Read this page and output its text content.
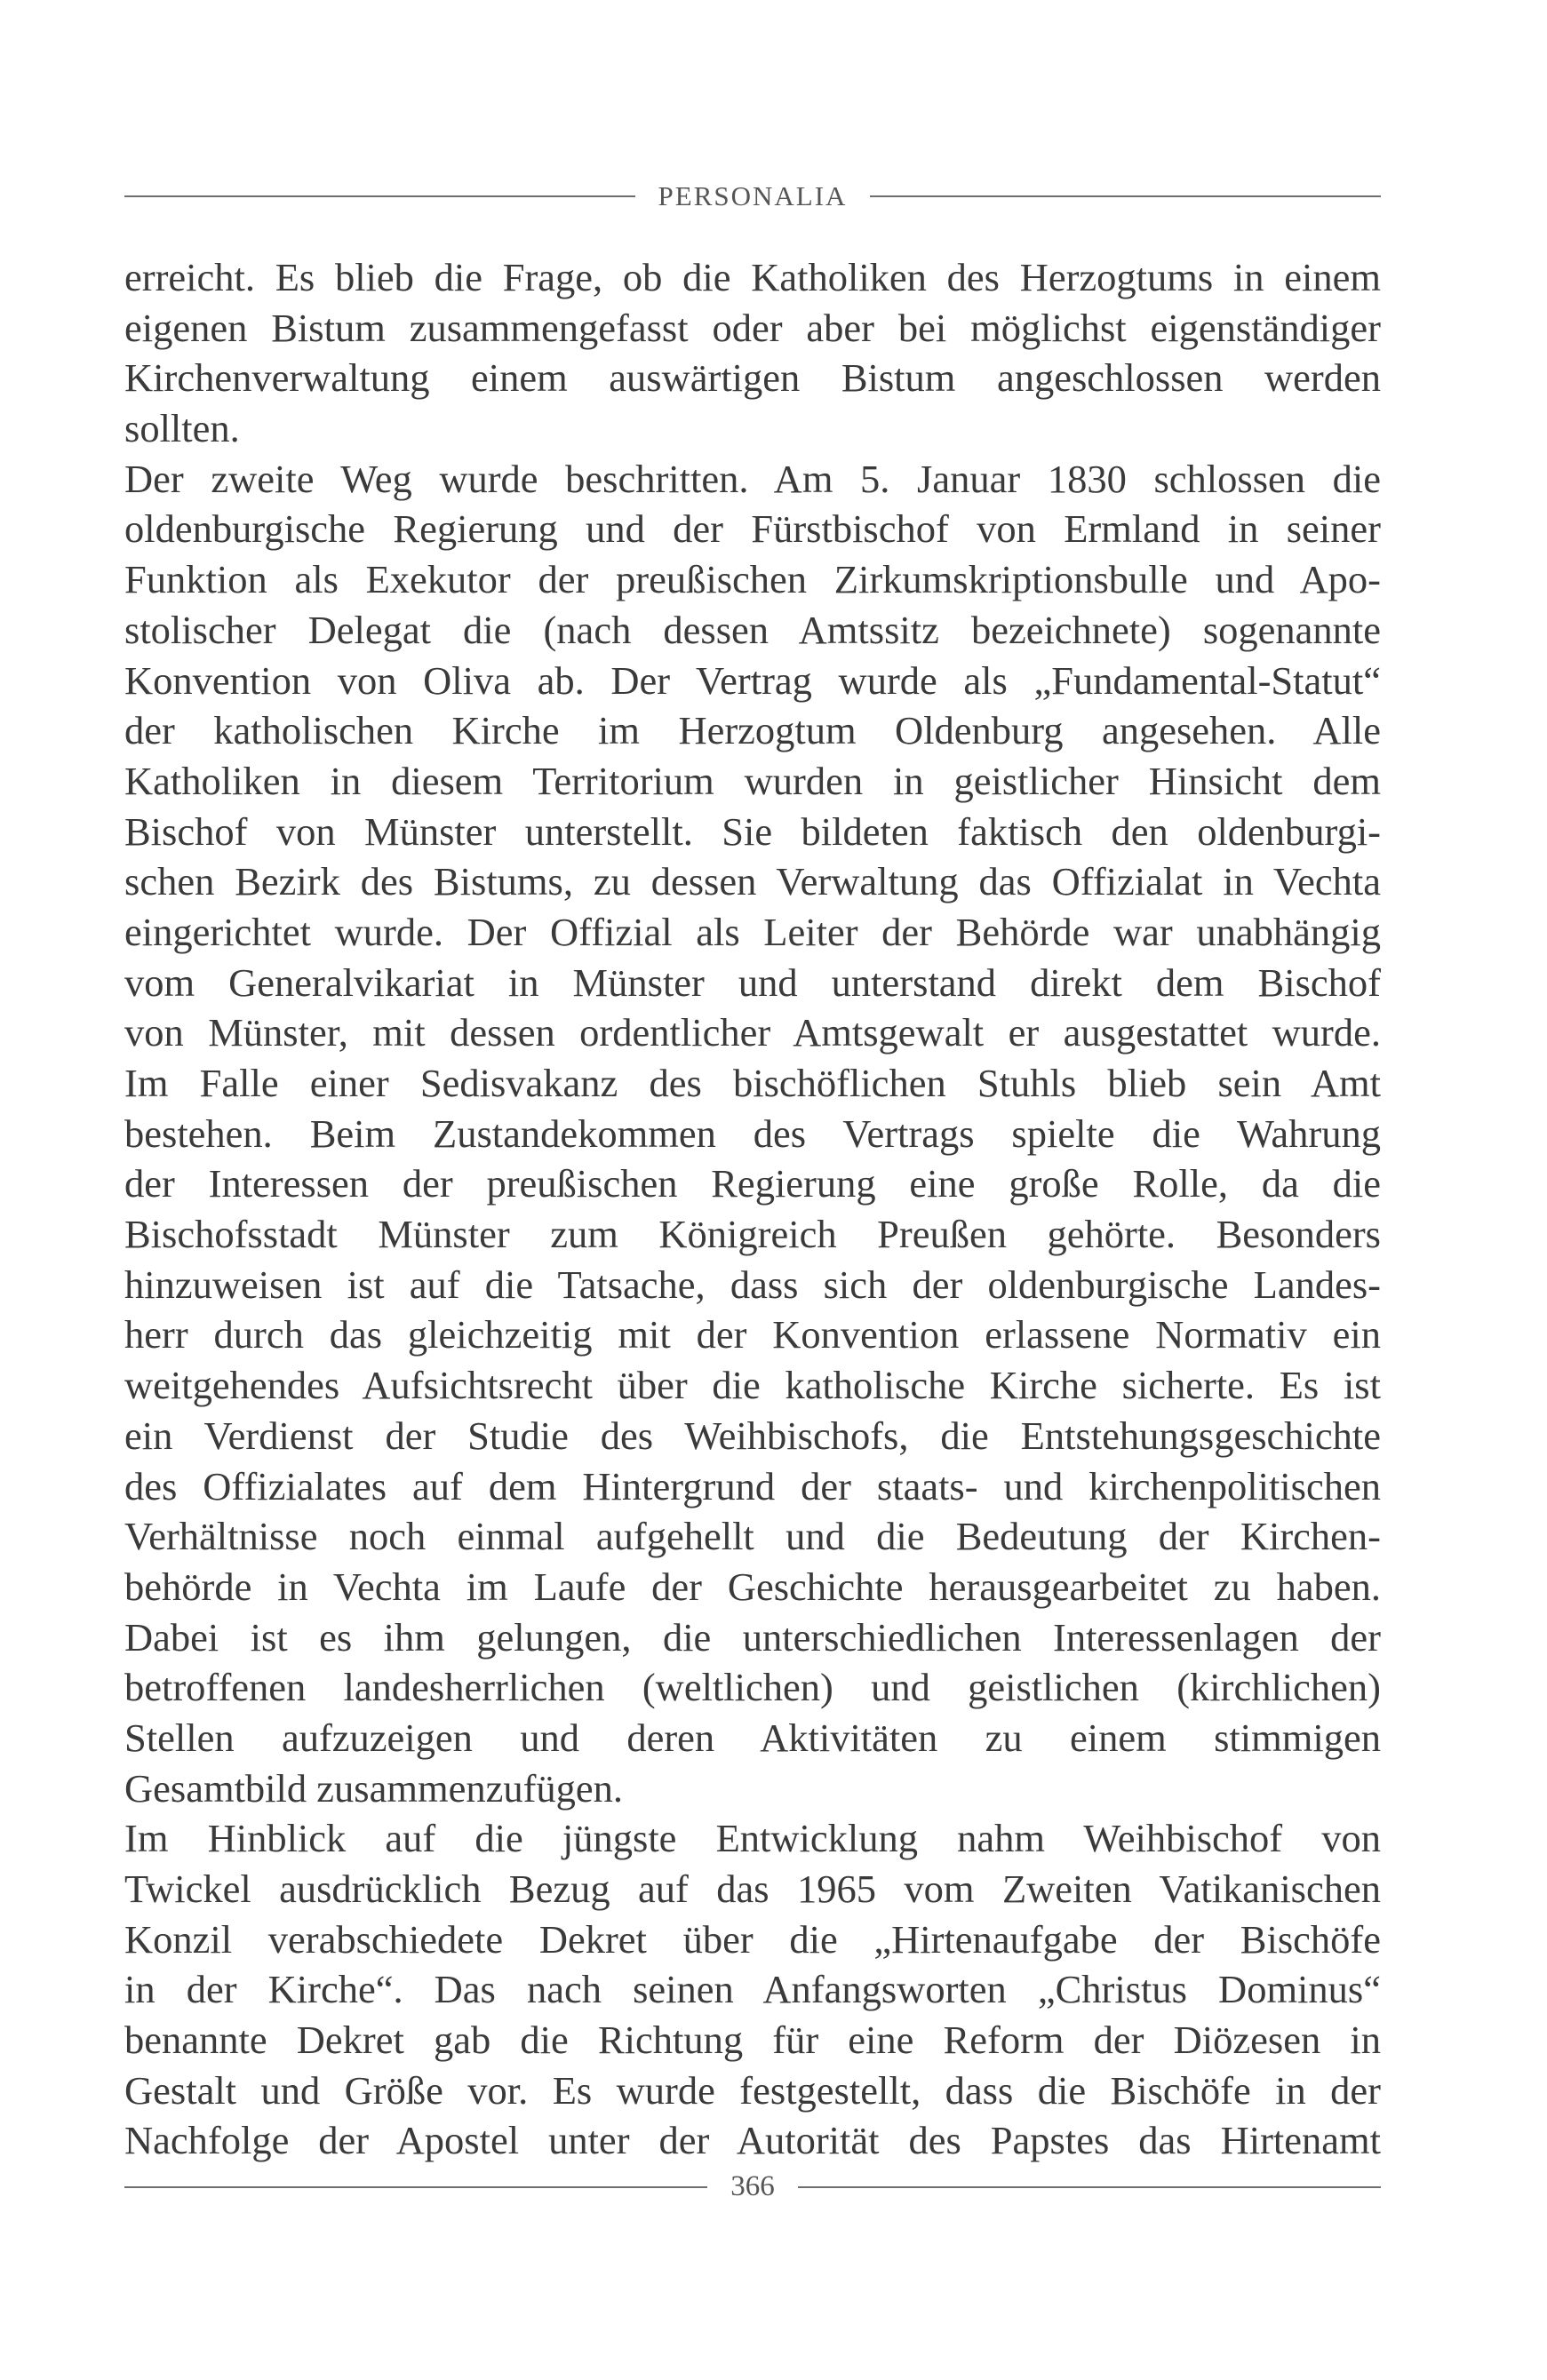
PERSONALIA
erreicht. Es blieb die Frage, ob die Katholiken des Herzogtums in einem
eigenen Bistum zusammengefasst oder aber bei möglichst eigenständiger
Kirchenverwaltung einem auswärtigen Bistum angeschlossen werden
sollten.
Der zweite Weg wurde beschritten. Am 5. Januar 1830 schlossen die
oldenburgische Regierung und der Fürstbischof von Ermland in seiner
Funktion als Exekutor der preußischen Zirkumskriptionsbulle und Apo-
stolischer Delegat die (nach dessen Amtssitz bezeichnete) sogenannte
Konvention von Oliva ab. Der Vertrag wurde als „Fundamental-Statut“
der katholischen Kirche im Herzogtum Oldenburg angesehen. Alle
Katholiken in diesem Territorium wurden in geistlicher Hinsicht dem
Bischof von Münster unterstellt. Sie bildeten faktisch den oldenburgi-
schen Bezirk des Bistums, zu dessen Verwaltung das Offizialat in Vechta
eingerichtet wurde. Der Offizial als Leiter der Behörde war unabhängig
vom Generalvikariat in Münster und unterstand direkt dem Bischof
von Münster, mit dessen ordentlicher Amtsgewalt er ausgestattet wurde.
Im Falle einer Sedisvakanz des bischöflichen Stuhls blieb sein Amt
bestehen. Beim Zustandekommen des Vertrags spielte die Wahrung
der Interessen der preußischen Regierung eine große Rolle, da die
Bischofsstadt Münster zum Königreich Preußen gehörte. Besonders
hinzuweisen ist auf die Tatsache, dass sich der oldenburgische Landes-
herr durch das gleichzeitig mit der Konvention erlassene Normativ ein
weitgehendes Aufsichtsrecht über die katholische Kirche sicherte. Es ist
ein Verdienst der Studie des Weihbischofs, die Entstehungsgeschichte
des Offizialates auf dem Hintergrund der staats- und kirchenpolitischen
Verhältnisse noch einmal aufgehellt und die Bedeutung der Kirchen-
behörde in Vechta im Laufe der Geschichte herausgearbeitet zu haben.
Dabei ist es ihm gelungen, die unterschiedlichen Interessenlagen der
betroffenen landesherrlichen (weltlichen) und geistlichen (kirchlichen)
Stellen aufzuzeigen und deren Aktivitäten zu einem stimmigen
Gesamtbild zusammenzufügen.
Im Hinblick auf die jüngste Entwicklung nahm Weihbischof von
Twickel ausdrücklich Bezug auf das 1965 vom Zweiten Vatikanischen
Konzil verabschiedete Dekret über die „Hirtenaufgabe der Bischöfe
in der Kirche“. Das nach seinen Anfangsworten „Christus Dominus“
benannte Dekret gab die Richtung für eine Reform der Diözesen in
Gestalt und Größe vor. Es wurde festgestellt, dass die Bischöfe in der
Nachfolge der Apostel unter der Autorität des Papstes das Hirtenamt
366
